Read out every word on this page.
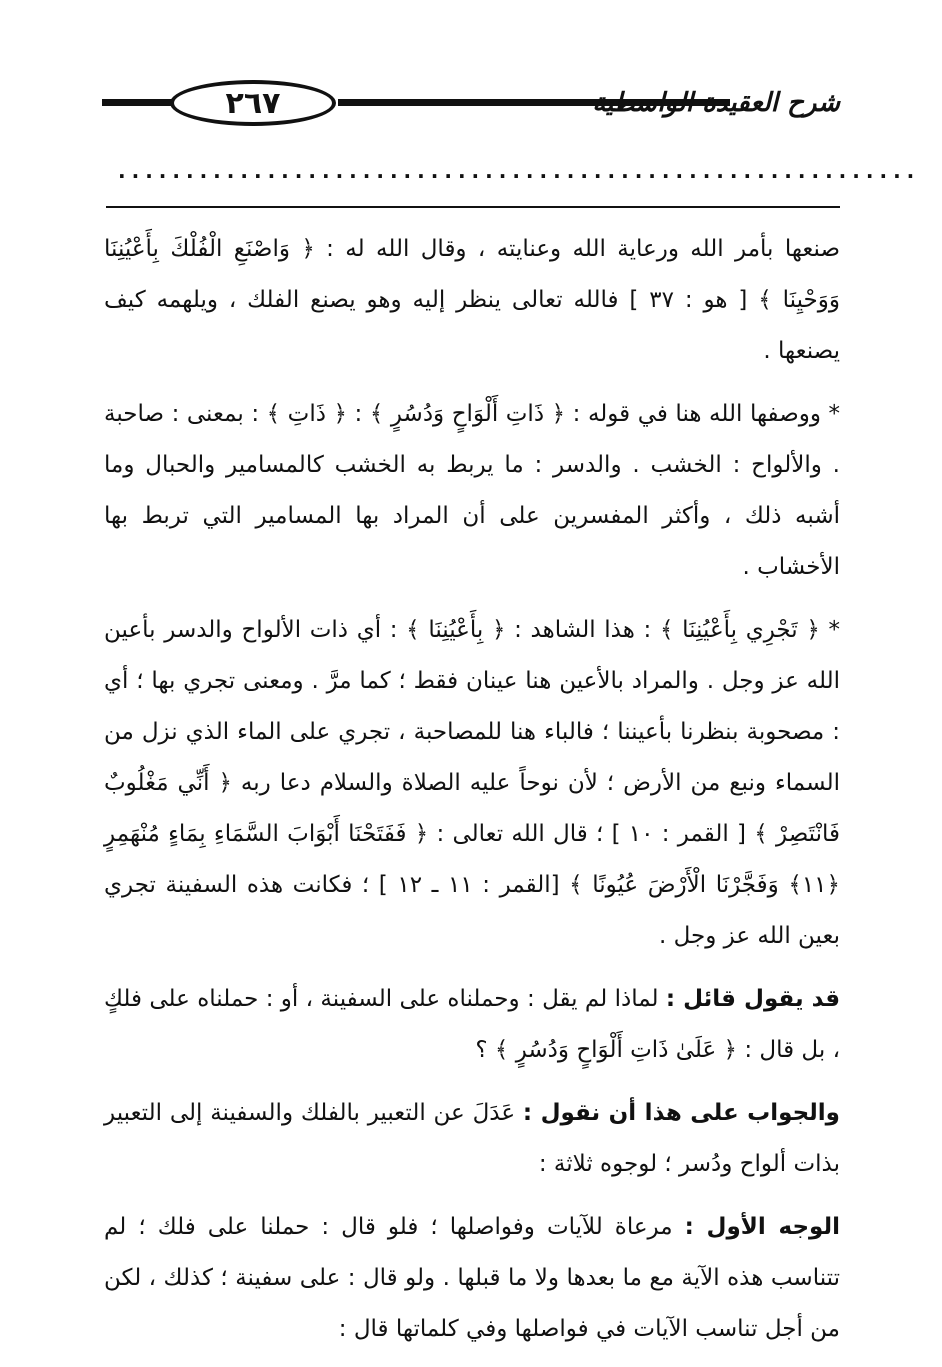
٢٦٧	شرح العقيدة الواسطية
...........................................................

صنعها بأمر الله ورعاية الله وعنايته ، وقال الله له : ﴿ وَاصْنَعِ الْفُلْكَ بِأَعْيُنِنَا وَوَحْيِنَا ﴾ [ هو : ٣٧ ] فالله تعالى ينظر إليه وهو يصنع الفلك ، ويلهمه كيف يصنعها .

* ووصفها الله هنا في قوله : ﴿ ذَاتِ أَلْوَاحٍ وَدُسُرٍ ﴾ : ﴿ ذَاتِ ﴾ : بمعنى : صاحبة . والألواح : الخشب . والدسر : ما يربط به الخشب كالمسامير والحبال وما أشبه ذلك ، وأكثر المفسرين على أن المراد بها المسامير التي تربط بها الأخشاب .

* ﴿ تَجْرِي بِأَعْيُنِنَا ﴾ : هذا الشاهد : ﴿ بِأَعْيُنِنَا ﴾ : أي ذات الألواح والدسر بأعين الله عز وجل . والمراد بالأعين هنا عينان فقط ؛ كما مرَّ . ومعنى تجري بها ؛ أي : مصحوبة بنظرنا بأعيننا ؛ فالباء هنا للمصاحبة ، تجري على الماء الذي نزل من السماء ونبع من الأرض ؛ لأن نوحاً عليه الصلاة والسلام دعا ربه ﴿ أَنِّي مَغْلُوبٌ فَانْتَصِرْ ﴾ [ القمر : ١٠ ] ؛ قال الله تعالى : ﴿ فَفَتَحْنَا أَبْوَابَ السَّمَاءِ بِمَاءٍ مُنْهَمِرٍ ﴿١١﴾ وَفَجَّرْنَا الْأَرْضَ عُيُونًا ﴾ [القمر : ١١ ـ ١٢ ] ؛ فكانت هذه السفينة تجري بعين الله عز وجل .

قد يقول قائل : لماذا لم يقل : وحملناه على السفينة ، أو : حملناه على فلكٍ ، بل قال : ﴿ عَلَىٰ ذَاتِ أَلْوَاحٍ وَدُسُرٍ ﴾ ؟

والجواب على هذا أن نقول : عَدَلَ عن التعبير بالفلك والسفينة إلى التعبير بذات ألواح ودُسر ؛ لوجوه ثلاثة :

الوجه الأول : مرعاة للآيات وفواصلها ؛ فلو قال : حملنا على فلك ؛ لم تتناسب هذه الآية مع ما بعدها ولا ما قبلها . ولو قال : على سفينة ؛ كذلك ، لكن من أجل تناسب الآيات في فواصلها وفي كلماتها قال :
